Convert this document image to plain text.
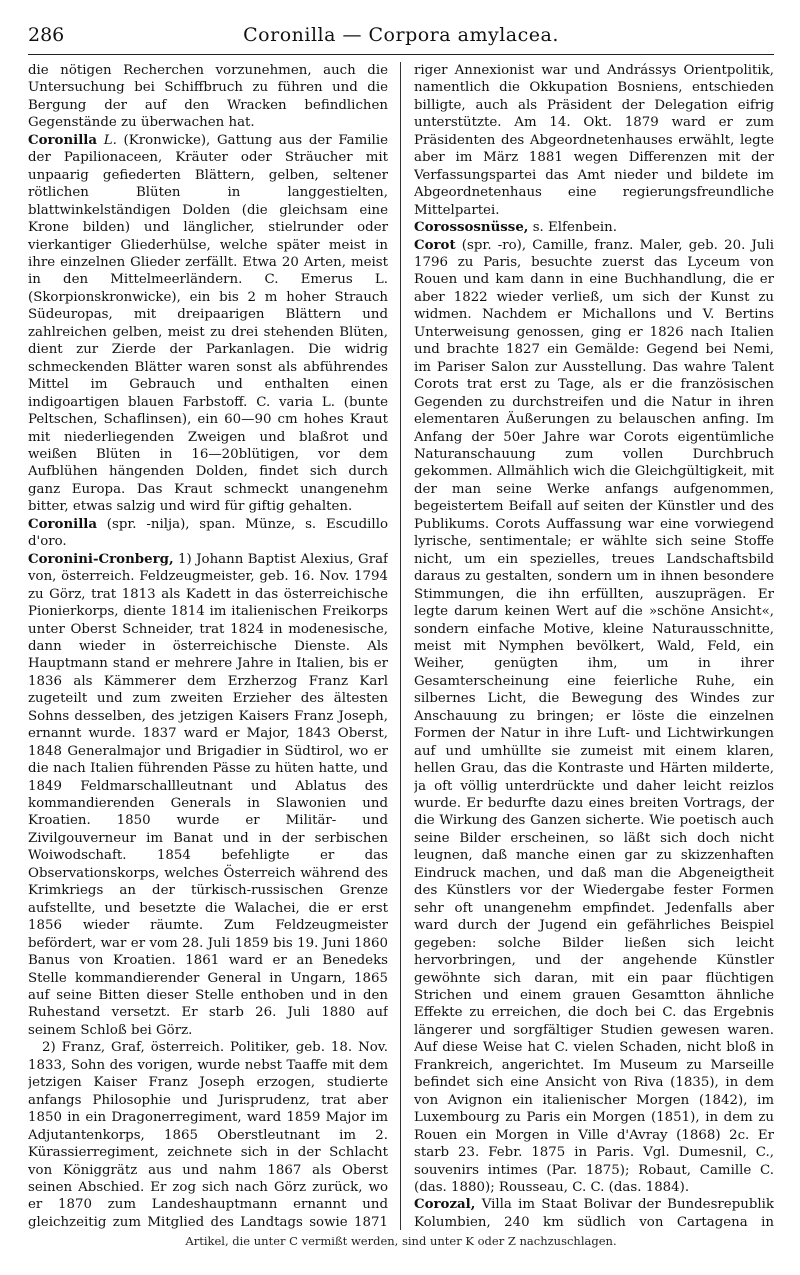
286	Coronilla — Corpora amylacea.

die nötigen Recherchen vorzunehmen, auch die Untersuchung bei Schiffbruch zu führen und die Bergung der auf den Wracken befindlichen Gegenstände zu überwachen hat.

Coronilla L. (Kronwicke), Gattung aus der Familie der Papilionaceen, Kräuter oder Sträucher mit unpaarig gefiederten Blättern, gelben, seltener rötlichen Blüten in langgestielten, blattwinkelständigen Dolden (die gleichsam eine Krone bilden) und länglicher, stielrunder oder vierkantiger Gliederhülse, welche später meist in ihre einzelnen Glieder zerfällt. Etwa 20 Arten, meist in den Mittelmeerländern. C. Emerus L. (Skorpionskronwicke), ein bis 2 m hoher Strauch Südeuropas, mit dreipaarigen Blättern und zahlreichen gelben, meist zu drei stehenden Blüten, dient zur Zierde der Parkanlagen. Die widrig schmeckenden Blätter waren sonst als abführendes Mittel im Gebrauch und enthalten einen indigoartigen blauen Farbstoff. C. varia L. (bunte Peltschen, Schaflinsen), ein 60—90 cm hohes Kraut mit niederliegenden Zweigen und blaßrot und weißen Blüten in 16—20blütigen, vor dem Aufblühen hängenden Dolden, findet sich durch ganz Europa. Das Kraut schmeckt unangenehm bitter, etwas salzig und wird für giftig gehalten.

Coronilla (spr. -nilja), span. Münze, s. Escudillo d'oro.

Coronini-Cronberg, 1) Johann Baptist Alexius, Graf von, österreich. Feldzeugmeister, geb. 16. Nov. 1794 zu Görz, trat 1813 als Kadett in das österreichische Pionierkorps, diente 1814 im italienischen Freikorps unter Oberst Schneider, trat 1824 in modenesische, dann wieder in österreichische Dienste. Als Hauptmann stand er mehrere Jahre in Italien, bis er 1836 als Kämmerer dem Erzherzog Franz Karl zugeteilt und zum zweiten Erzieher des ältesten Sohns desselben, des jetzigen Kaisers Franz Joseph, ernannt wurde. 1837 ward er Major, 1843 Oberst, 1848 Generalmajor und Brigadier in Südtirol, wo er die nach Italien führenden Pässe zu hüten hatte, und 1849 Feldmarschallleutnant und Ablatus des kommandierenden Generals in Slawonien und Kroatien. 1850 wurde er Militär- und Zivilgouverneur im Banat und in der serbischen Woiwodschaft. 1854 befehligte er das Observationskorps, welches Österreich während des Krimkriegs an der türkisch-russischen Grenze aufstellte, und besetzte die Walachei, die er erst 1856 wieder räumte. Zum Feldzeugmeister befördert, war er vom 28. Juli 1859 bis 19. Juni 1860 Banus von Kroatien. 1861 ward er an Benedeks Stelle kommandierender General in Ungarn, 1865 auf seine Bitten dieser Stelle enthoben und in den Ruhestand versetzt. Er starb 26. Juli 1880 auf seinem Schloß bei Görz.

2) Franz, Graf, österreich. Politiker, geb. 18. Nov. 1833, Sohn des vorigen, wurde nebst Taaffe mit dem jetzigen Kaiser Franz Joseph erzogen, studierte anfangs Philosophie und Jurisprudenz, trat aber 1850 in ein Dragonerregiment, ward 1859 Major im Adjutantenkorps, 1865 Oberstleutnant im 2. Kürassierregiment, zeichnete sich in der Schlacht von Königgrätz aus und nahm 1867 als Oberst seinen Abschied. Er zog sich nach Görz zurück, wo er 1870 zum Landeshauptmann ernannt und gleichzeitig zum Mitglied des Landtags sowie 1871

riger Annexionist war und Andrássys Orientpolitik, namentlich die Okkupation Bosniens, entschieden billigte, auch als Präsident der Delegation eifrig unterstützte. Am 14. Okt. 1879 ward er zum Präsidenten des Abgeordnetenhauses erwählt, legte aber im März 1881 wegen Differenzen mit der Verfassungspartei das Amt nieder und bildete im Abgeordnetenhaus eine regierungsfreundliche Mittelpartei.

Corossosnüsse, s. Elfenbein.

Corot (spr. -ro), Camille, franz. Maler, geb. 20. Juli 1796 zu Paris, besuchte zuerst das Lyceum von Rouen und kam dann in eine Buchhandlung, die er aber 1822 wieder verließ, um sich der Kunst zu widmen. Nachdem er Michallons und V. Bertins Unterweisung genossen, ging er 1826 nach Italien und brachte 1827 ein Gemälde: Gegend bei Nemi, im Pariser Salon zur Ausstellung. Das wahre Talent Corots trat erst zu Tage, als er die französischen Gegenden zu durchstreifen und die Natur in ihren elementaren Äußerungen zu belauschen anfing. Im Anfang der 50er Jahre war Corots eigentümliche Naturanschauung zum vollen Durchbruch gekommen. Allmählich wich die Gleichgültigkeit, mit der man seine Werke anfangs aufgenommen, begeistertem Beifall auf seiten der Künstler und des Publikums. Corots Auffassung war eine vorwiegend lyrische, sentimentale; er wählte sich seine Stoffe nicht, um ein spezielles, treues Landschaftsbild daraus zu gestalten, sondern um in ihnen besondere Stimmungen, die ihn erfüllten, auszuprägen. Er legte darum keinen Wert auf die »schöne Ansicht«, sondern einfache Motive, kleine Naturausschnitte, meist mit Nymphen bevölkert, Wald, Feld, ein Weiher, genügten ihm, um in ihrer Gesamterscheinung eine feierliche Ruhe, ein silbernes Licht, die Bewegung des Windes zur Anschauung zu bringen; er löste die einzelnen Formen der Natur in ihre Luft- und Lichtwirkungen auf und umhüllte sie zumeist mit einem klaren, hellen Grau, das die Kontraste und Härten milderte, ja oft völlig unterdrückte und daher leicht reizlos wurde. Er bedurfte dazu eines breiten Vortrags, der die Wirkung des Ganzen sicherte. Wie poetisch auch seine Bilder erscheinen, so läßt sich doch nicht leugnen, daß manche einen gar zu skizzenhaften Eindruck machen, und daß man die Abgeneigtheit des Künstlers vor der Wiedergabe fester Formen sehr oft unangenehm empfindet. Jedenfalls aber ward durch der Jugend ein gefährliches Beispiel gegeben: solche Bilder ließen sich leicht hervorbringen, und der angehende Künstler gewöhnte sich daran, mit ein paar flüchtigen Strichen und einem grauen Gesamtton ähnliche Effekte zu erreichen, die doch bei C. das Ergebnis längerer und sorgfältiger Studien gewesen waren. Auf diese Weise hat C. vielen Schaden, nicht bloß in Frankreich, angerichtet. Im Museum zu Marseille befindet sich eine Ansicht von Riva (1835), in dem von Avignon ein italienischer Morgen (1842), im Luxembourg zu Paris ein Morgen (1851), in dem zu Rouen ein Morgen in Ville d'Avray (1868) 2c. Er starb 23. Febr. 1875 in Paris. Vgl. Dumesnil, C., souvenirs intimes (Par. 1875); Robaut, Camille C. (das. 1880); Rousseau, C. C. (das. 1884).

Corozal, Villa im Staat Bolivar der Bundesrepublik Kolumbien, 240 km südlich von Cartagena in

Artikel, die unter C vermißt werden, sind unter K oder Z nachzuschlagen.
